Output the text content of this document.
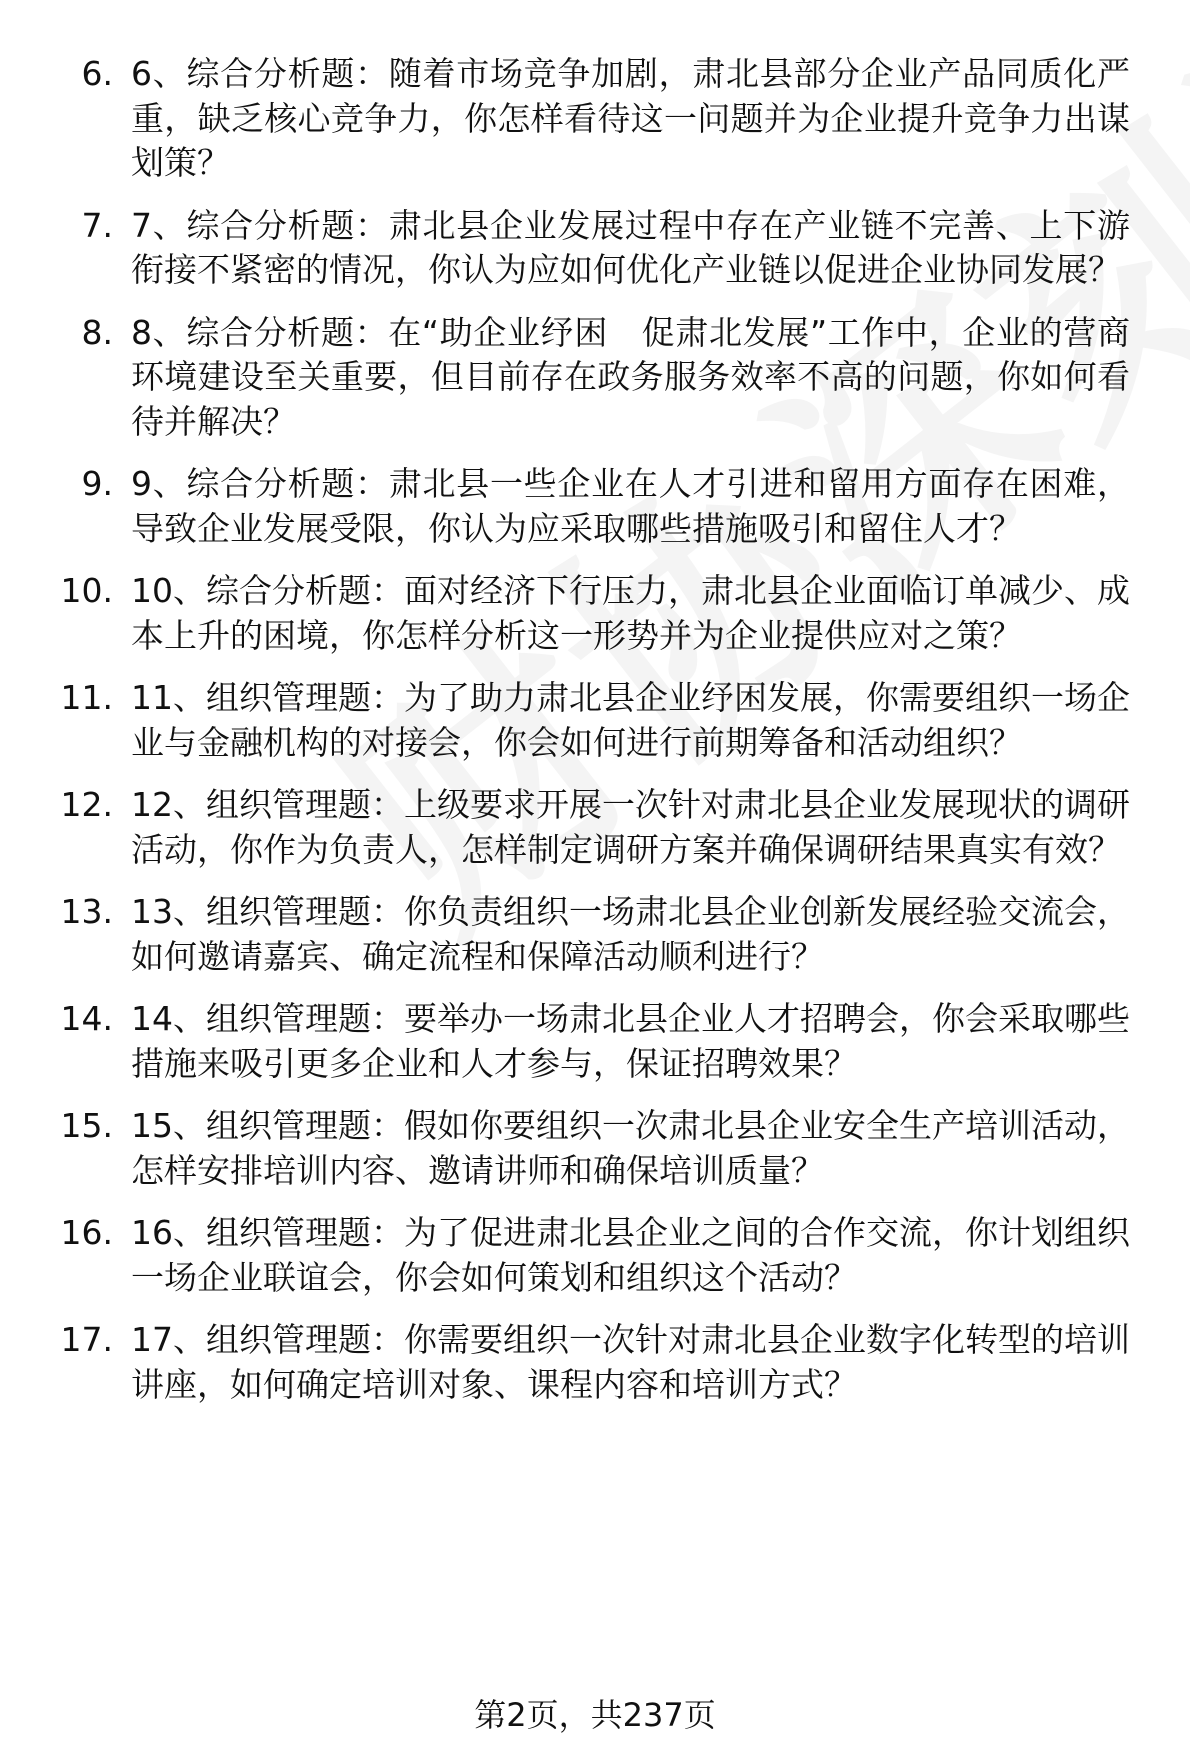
6. 6、综合分析题：随着市场竞争加剧，肃北县部分企业产品同质化严重，缺乏核心竞争力，你怎样看待这一问题并为企业提升竞争力出谋划策？
7. 7、综合分析题：肃北县企业发展过程中存在产业链不完善、上下游衔接不紧密的情况，你认为应如何优化产业链以促进企业协同发展？
8. 8、综合分析题：在“助企业纾困　促肃北发展”工作中，企业的营商环境建设至关重要，但目前存在政务服务效率不高的问题，你如何看待并解决？
9. 9、综合分析题：肃北县一些企业在人才引进和留用方面存在困难，导致企业发展受限，你认为应采取哪些措施吸引和留住人才？
10. 10、综合分析题：面对经济下行压力，肃北县企业面临订单减少、成本上升的困境，你怎样分析这一形势并为企业提供应对之策？
11. 11、组织管理题：为了助力肃北县企业纾困发展，你需要组织一场企业与金融机构的对接会，你会如何进行前期筹备和活动组织？
12. 12、组织管理题：上级要求开展一次针对肃北县企业发展现状的调研活动，你作为负责人，怎样制定调研方案并确保调研结果真实有效？
13. 13、组织管理题：你负责组织一场肃北县企业创新发展经验交流会，如何邀请嘉宾、确定流程和保障活动顺利进行？
14. 14、组织管理题：要举办一场肃北县企业人才招聘会，你会采取哪些措施来吸引更多企业和人才参与，保证招聘效果？
15. 15、组织管理题：假如你要组织一次肃北县企业安全生产培训活动，怎样安排培训内容、邀请讲师和确保培训质量？
16. 16、组织管理题：为了促进肃北县企业之间的合作交流，你计划组织一场企业联谊会，你会如何策划和组织这个活动？
17. 17、组织管理题：你需要组织一次针对肃北县企业数字化转型的培训讲座，如何确定培训对象、课程内容和培训方式？
第2页，共237页
